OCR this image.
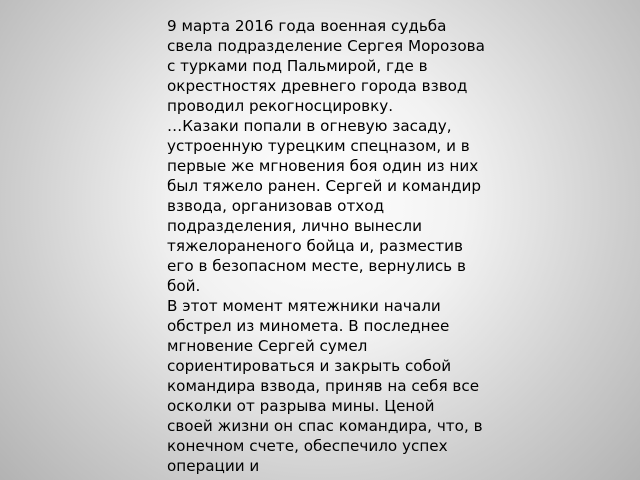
9 марта 2016 года военная судьба свела подразделение Сергея Морозова с турками под Пальмирой, где в окрестностях древнего города взвод проводил рекогносцировку.

…Казаки попали в огневую засаду, устроенную турецким спецназом, и в первые же мгновения боя один из них был тяжело ранен. Сергей и командир взвода, организовав отход подразделения, лично вынесли тяжелораненого бойца и, разместив его в безопасном месте, вернулись в бой.

В этот момент мятежники начали обстрел из миномета. В последнее мгновение Сергей сумел сориентироваться и закрыть собой командира взвода, приняв на себя все осколки от разрыва мины. Ценой своей жизни он спас командира, что, в конечном счете, обеспечило успех операции и
